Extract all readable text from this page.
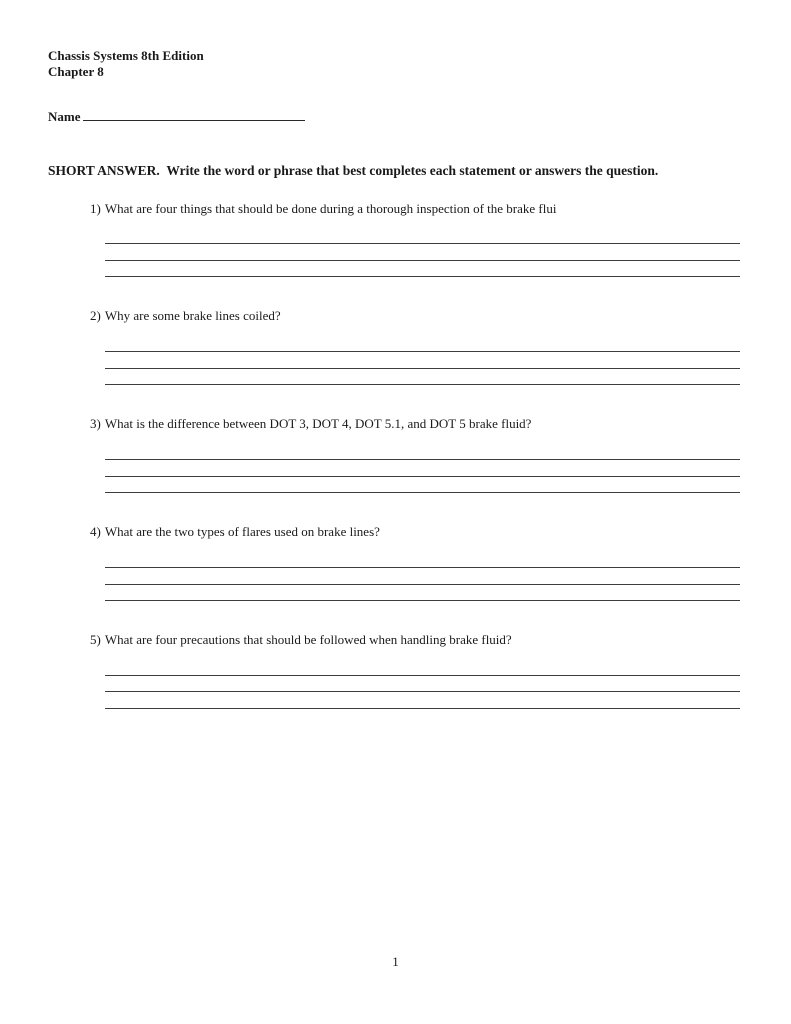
Chassis Systems 8th Edition
Chapter 8
Name
SHORT ANSWER.  Write the word or phrase that best completes each statement or answers the question.
1) What are four things that should be done during a thorough inspection of the brake flui
2) Why are some brake lines coiled?
3) What is the difference between DOT 3, DOT 4, DOT 5.1, and DOT 5 brake fluid?
4) What are the two types of flares used on brake lines?
5) What are four precautions that should be followed when handling brake fluid?
1
